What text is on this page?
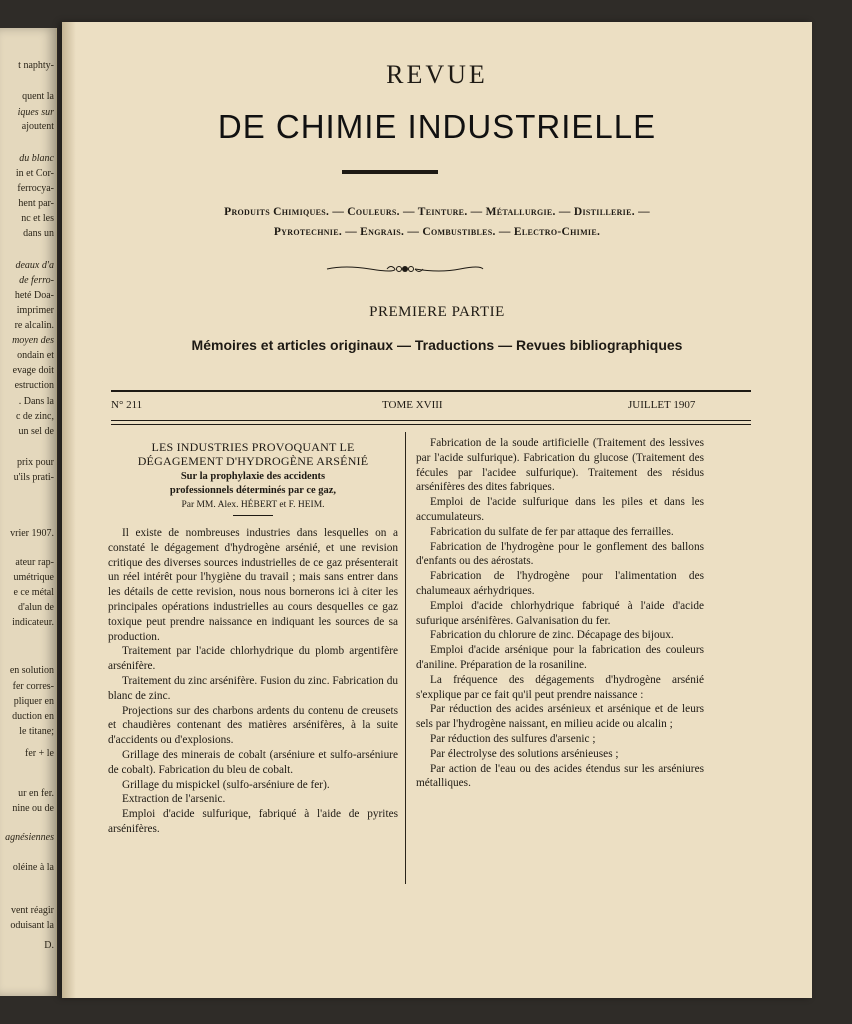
t naphty-
quent la
iques sur
ajoutent
du blanc
in et Cor-
ferrocya-
hent par-
nc et les
dans un
deaux d'a
de ferro-
heté Doa-
imprimer
re alcalin.
moyen des
ondain et
evage doit
estruction
. Dans la
c de zinc,
un sel de
prix pour
u'ils prati-
vrier 1907.
ateur rap-
umétrique
e ce métal
d'alun de
indicateur.
en solution
fer corres-
pliquer en
duction en
le titane;
fer + le
ur en fer.
nine ou de
agnésiennes
oléine à la
vent réagir
oduisant la
D.
REVUE
DE CHIMIE INDUSTRIELLE
Produits Chimiques. — Couleurs. — Teinture. — Métallurgie. — Distillerie. —
Pyrotechnie. — Engrais. — Combustibles. — Electro-Chimie.
PREMIERE PARTIE
Mémoires et articles originaux — Traductions — Revues bibliographiques
N° 211	TOME XVIII	JUILLET 1907
LES INDUSTRIES PROVOQUANT LE DÉGAGEMENT D'HYDROGÈNE ARSÉNIÉ
Sur la prophylaxie des accidents
professionnels déterminés par ce gaz,
Par MM. Alex. HÉBERT et F. HEIM.

Il existe de nombreuses industries dans lesquelles on a constaté le dégagement d'hydrogène arsénié, et une revision critique des diverses sources industrielles de ce gaz présenterait un réel intérêt pour l'hygiène du travail ; mais sans entrer dans les détails de cette revision, nous nous bornerons ici à citer les principales opérations industrielles au cours desquelles ce gaz toxique peut prendre naissance en indiquant les sources de sa production.

Traitement par l'acide chlorhydrique du plomb argentifère arsénifère.

Traitement du zinc arsénifère. Fusion du zinc. Fabrication du blanc de zinc.

Projections sur des charbons ardents du contenu de creusets et chaudières contenant des matières arsénifères, à la suite d'accidents ou d'explosions.

Grillage des minerais de cobalt (arséniure et sulfo-arséniure de cobalt). Fabrication du bleu de cobalt.

Grillage du mispickel (sulfo-arséniure de fer).

Extraction de l'arsenic.

Emploi d'acide sulfurique, fabriqué à l'aide de pyrites arsénifères.

Fabrication de la soude artificielle (Traitement des lessives par l'acide sulfurique). Fabrication du glucose (Traitement des fécules par l'acidee sulfurique). Traitement des résidus arsénifères des dites fabriques.

Emploi de l'acide sulfurique dans les piles et dans les accumulateurs.

Fabrication du sulfate de fer par attaque des ferrailles.

Fabrication de l'hydrogène pour le gonflement des ballons d'enfants ou des aérostats.

Fabrication de l'hydrogène pour l'alimentation des chalumeaux aérhydriques.

Emploi d'acide chlorhydrique fabriqué à l'aide d'acide sufurique arsénifères. Galvanisation du fer.

Fabrication du chlorure de zinc. Décapage des bijoux.

Emploi d'acide arsénique pour la fabrication des couleurs d'aniline. Préparation de la rosaniline.

La fréquence des dégagements d'hydrogène arsénié s'explique par ce fait qu'il peut prendre naissance :

Par réduction des acides arsénieux et arsénique et de leurs sels par l'hydrogène naissant, en milieu acide ou alcalin ;

Par réduction des sulfures d'arsenic ;

Par électrolyse des solutions arsénieuses ;

Par action de l'eau ou des acides étendus sur les arséniures métalliques.
